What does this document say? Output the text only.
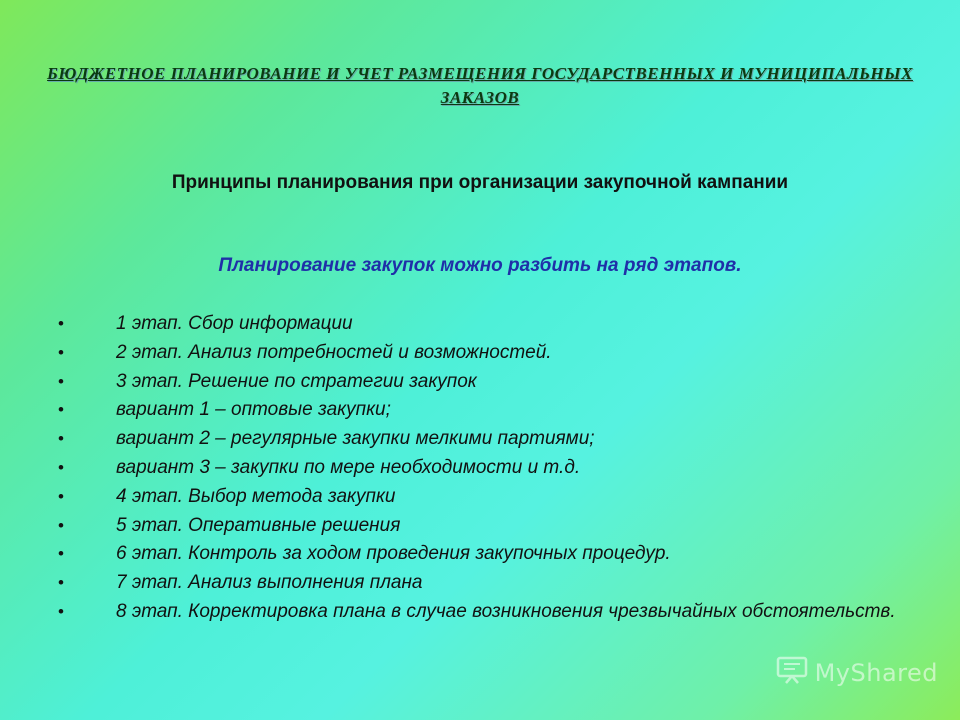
БЮДЖЕТНОЕ ПЛАНИРОВАНИЕ И УЧЕТ РАЗМЕЩЕНИЯ ГОСУДАРСТВЕННЫХ И МУНИЦИПАЛЬНЫХ ЗАКАЗОВ
Принципы планирования при организации закупочной кампании
Планирование закупок можно разбить на ряд этапов.
•	1 этап. Сбор информации
•	2 этап. Анализ потребностей и возможностей.
•	3 этап. Решение по стратегии закупок
•	вариант 1 – оптовые закупки;
•	вариант 2 – регулярные закупки мелкими партиями;
•	вариант 3 – закупки по мере необходимости и т.д.
•	4 этап. Выбор метода закупки
•	5 этап. Оперативные решения
•	6 этап. Контроль за ходом проведения закупочных процедур.
•	7 этап. Анализ выполнения плана
•	8 этап. Корректировка плана в случае возникновения чрезвычайных обстоятельств.
MyShared
